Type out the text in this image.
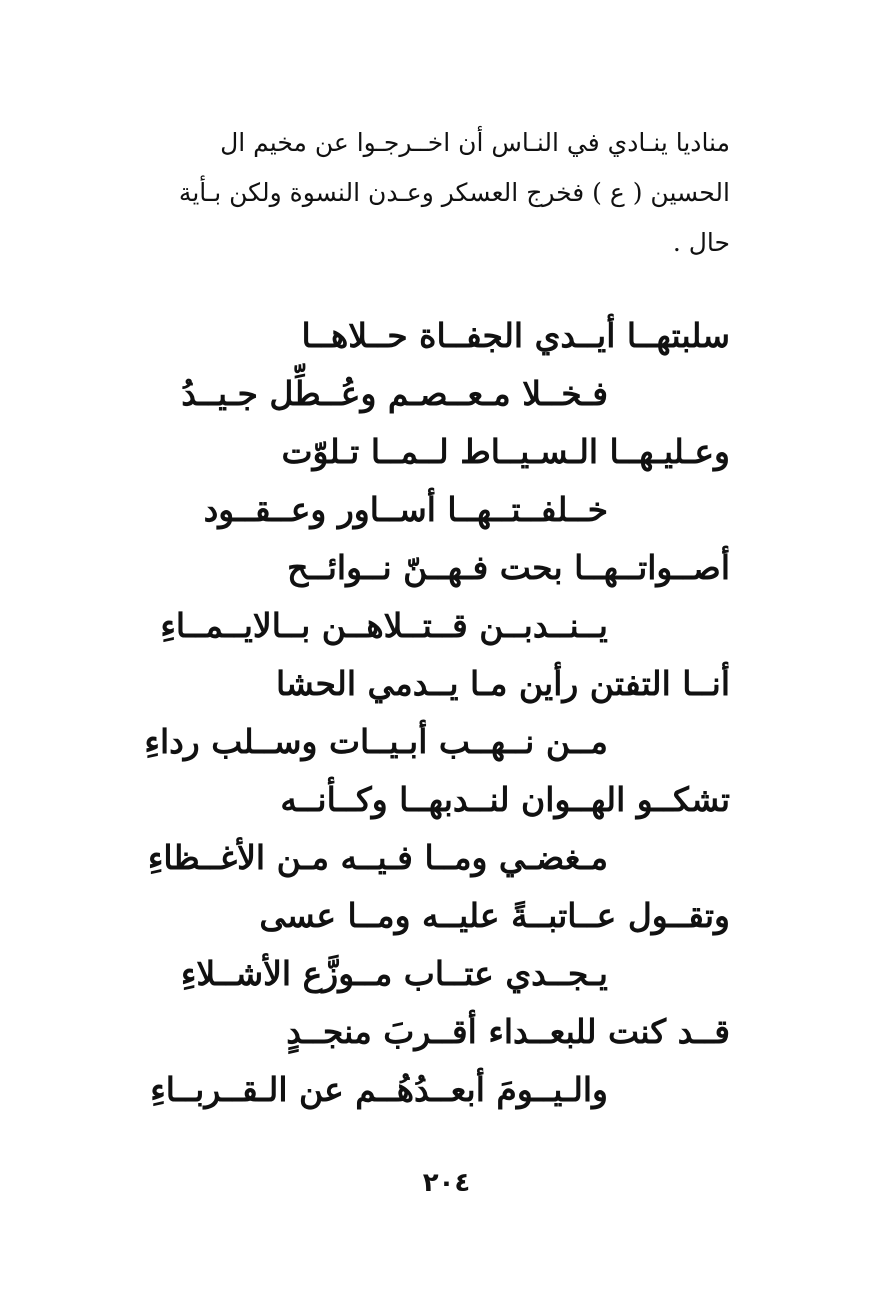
مناديا ينـادي في النـاس أن اخــرجـوا عن مخيم ال
الحسين ( ع ) فخرج العسكر وعـدن النسوة ولكن بـأية
حال .

سلبتهــا أيــدي الجفــاة حــلاهــا

فـخــلا مـعــصـم وعُــطِّل جـيــدُ

وعـليـهــا الـسـيــاط لــمــا تـلوّت

خــلفــتــهــا أســاور وعــقــود

أصــواتــهــا بحت فـهــنّ نــوائــح

يــنــدبــن قــتــلاهــن بــالايــمــاءِ

أنــا التفتن رأين مـا يــدمي الحشا

مــن نــهــب أبـيــات وســلب رداءِ

تشكــو الهــوان لنــدبهــا وكــأنــه

مـغضـي ومــا فـيــه مـن الأغــظاءِ

وتقــول عــاتبــةً عليــه ومــا عسى

يـجــدي عتــاب مــوزَّع الأشــلاءِ

قــد كنت للبعــداء أقــربَ منجــدٍ

والـيــومَ أبعــدُهُــم عن الـقــربــاءِ

٢٠٤
